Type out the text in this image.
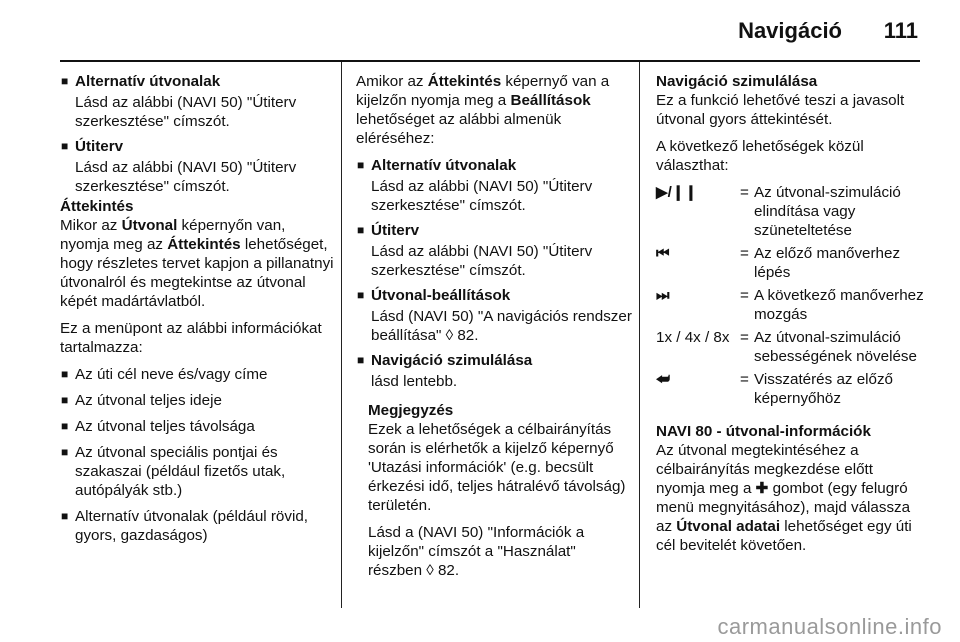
Navigáció 111
■ Alternatív útvonalak
Lásd az alábbi (NAVI 50) "Útiterv szerkesztése" címszót.
■ Útiterv
Lásd az alábbi (NAVI 50) "Útiterv szerkesztése" címszót.
Áttekintés

Mikor az Útvonal képernyőn van, nyomja meg az Áttekintés lehetőséget, hogy részletes tervet kapjon a pillanatnyi útvonalról és megtekintse az útvonal képét madártávlatból.

Ez a menüpont az alábbi információkat tartalmazza:

■ Az úti cél neve és/vagy címe
■ Az útvonal teljes ideje
■ Az útvonal teljes távolsága
■ Az útvonal speciális pontjai és szakaszai (például fizetős utak, autópályák stb.)
■ Alternatív útvonalak (például rövid, gyors, gazdaságos)

Amikor az Áttekintés képernyő van a kijelzőn nyomja meg a Beállítások lehetőséget az alábbi almenük eléréséhez:

■ Alternatív útvonalak
Lásd az alábbi (NAVI 50) "Útiterv szerkesztése" címszót.
■ Útiterv
Lásd az alábbi (NAVI 50) "Útiterv szerkesztése" címszót.
■ Útvonal-beállítások
Lásd (NAVI 50) "A navigációs rendszer beállítása" ◊ 82.
■ Navigáció szimulálása
lásd lentebb.
Megjegyzés

Ezek a lehetőségek a célbairányítás során is elérhetők a kijelző képernyő 'Utazási információk' (e.g. becsült érkezési idő, teljes hátralévő távolság) területén.

Lásd a (NAVI 50) "Információk a kijelzőn" címszót a "Használat" részben ◊ 82.

Navigáció szimulálása

Ez a funkció lehetővé teszi a javasolt útvonal gyors áttekintését.

A következő lehetőségek közül választhat:

▶/❙❙	= Az útvonal-szimuláció elindítása vagy szüneteltetése
⏮	= Az előző manőverhez lépés
⏭	= A következő manőverhez mozgás
1x / 4x / 8x = Az útvonal-szimuláció sebességének növelése
⮨	= Visszatérés az előző képernyőhöz
NAVI 80 - útvonal-információk

Az útvonal megtekintéséhez a célbairányítás megkezdése előtt nyomja meg a ✚ gombot (egy felugró menü megnyitásához), majd válassza az Útvonal adatai lehetőséget egy úti cél bevitelét követően.

carmanualsonline.info
